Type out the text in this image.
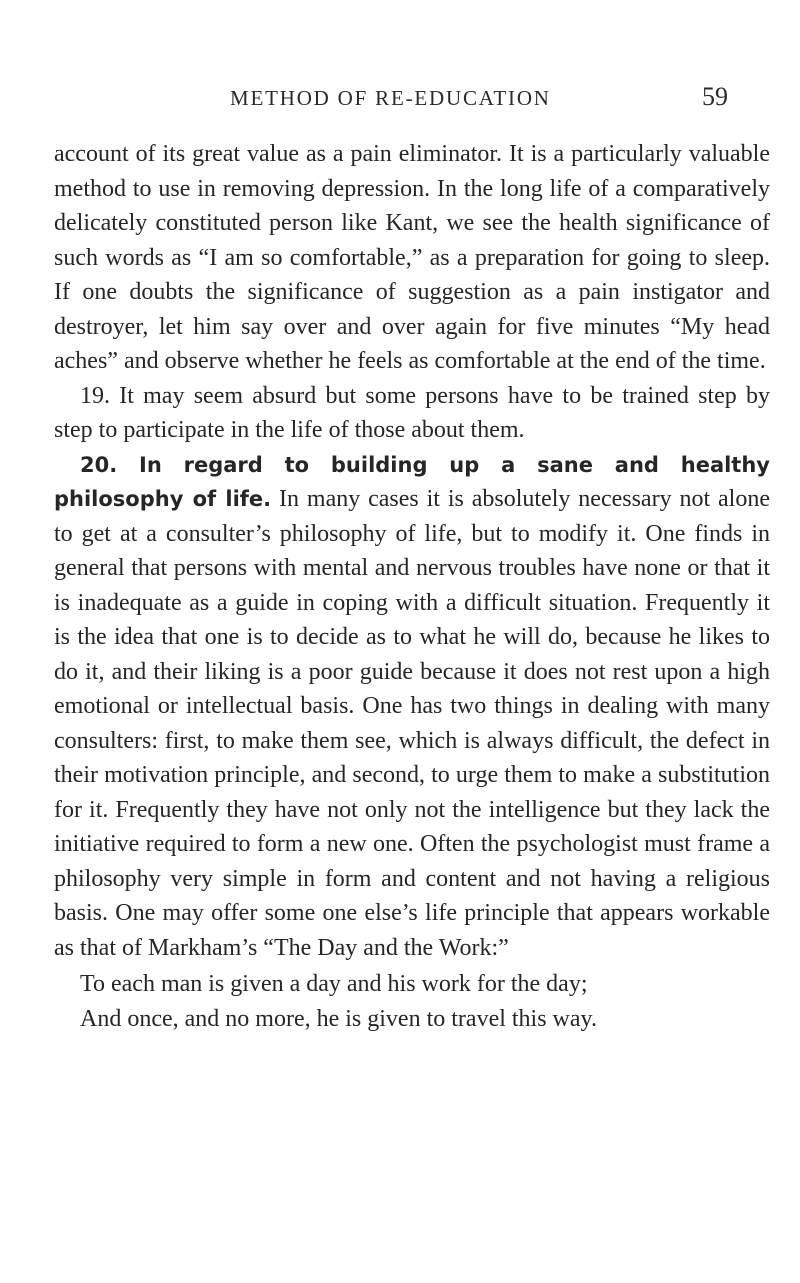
METHOD OF RE-EDUCATION	59

account of its great value as a pain eliminator. It is a particularly valuable method to use in removing depression. In the long life of a comparatively delicately constituted person like Kant, we see the health significance of such words as “I am so comfortable,” as a preparation for going to sleep. If one doubts the significance of suggestion as a pain instigator and destroyer, let him say over and over again for five minutes “My head aches” and observe whether he feels as comfortable at the end of the time.

19. It may seem absurd but some persons have to be trained step by step to participate in the life of those about them.

20. In regard to building up a sane and healthy philosophy of life. In many cases it is absolutely necessary not alone to get at a consulter’s philosophy of life, but to modify it. One finds in general that persons with mental and nervous troubles have none or that it is inadequate as a guide in coping with a difficult situation. Frequently it is the idea that one is to decide as to what he will do, because he likes to do it, and their liking is a poor guide because it does not rest upon a high emotional or intellectual basis. One has two things in dealing with many consulters: first, to make them see, which is always difficult, the defect in their motivation principle, and second, to urge them to make a substitution for it. Frequently they have not only not the intelligence but they lack the initiative required to form a new one. Often the psychologist must frame a philosophy very simple in form and content and not having a religious basis. One may offer some one else’s life principle that appears workable as that of Markham’s “The Day and the Work:”

To each man is given a day and his work for the day;
And once, and no more, he is given to travel this way.
